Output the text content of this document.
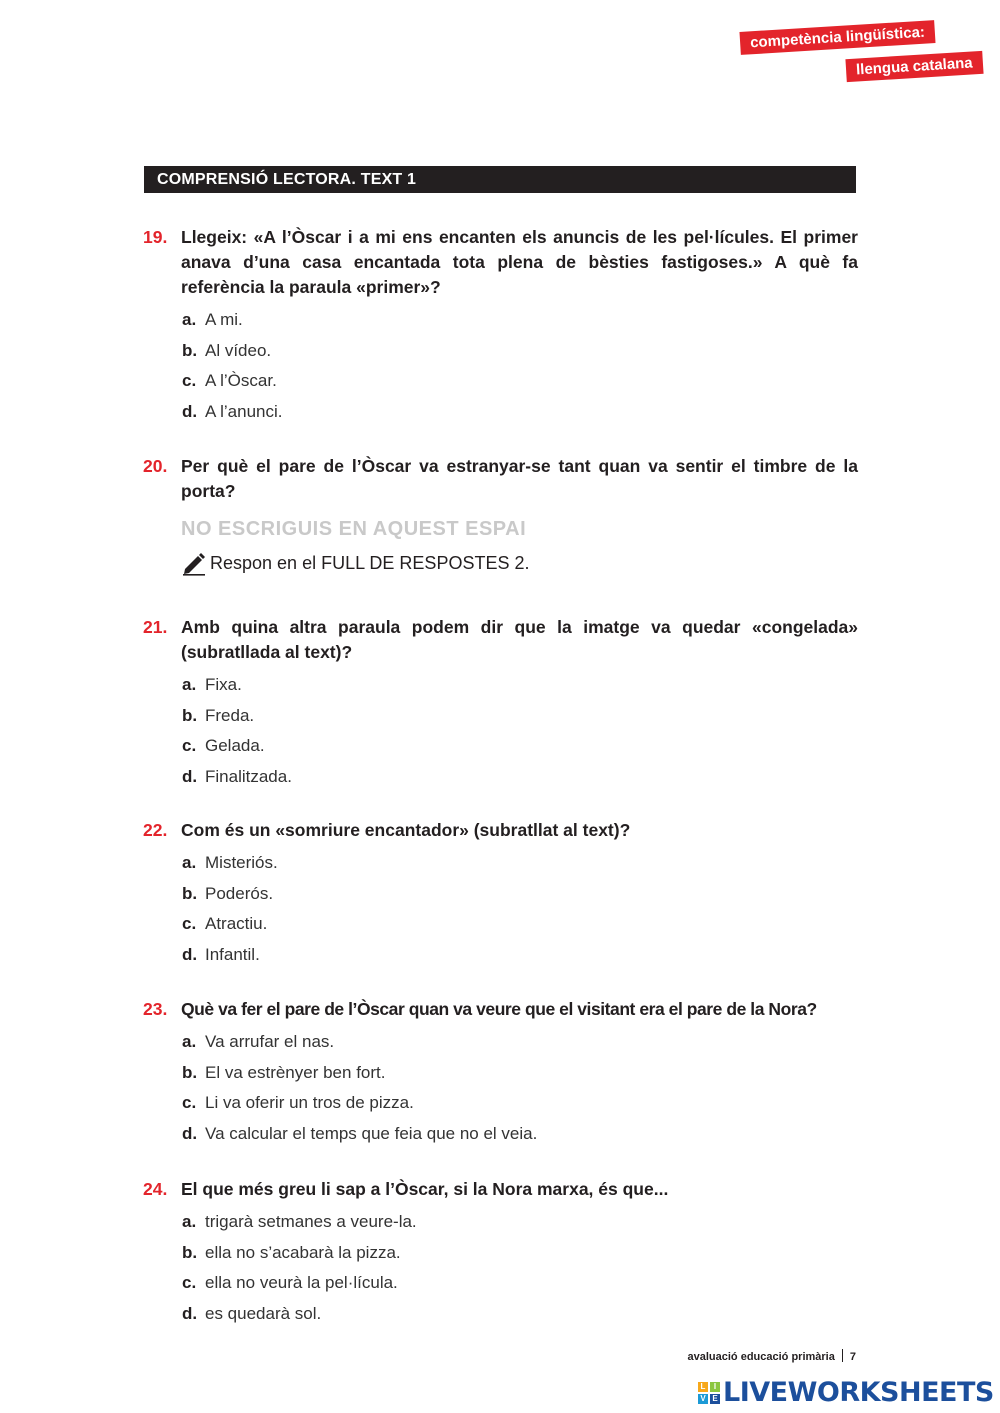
competència lingüística:
llengua catalana
COMPRENSIÓ LECTORA. TEXT 1
19. Llegeix: «A l’Òscar i a mi ens encanten els anuncis de les pel·lícules. El primer anava d’una casa encantada tota plena de bèsties fastigoses.» A què fa referència la paraula «primer»?

a. A mi.
b. Al vídeo.
c. A l’Òscar.
d. A l’anunci.
20. Per què el pare de l’Òscar va estranyar-se tant quan va sentir el timbre de la porta?

NO ESCRIGUIS EN AQUEST ESPAI

Respon en el FULL DE RESPOSTES 2.

21. Amb quina altra paraula podem dir que la imatge va quedar «congelada» (subratllada al text)?

a. Fixa.
b. Freda.
c. Gelada.
d. Finalitzada.
22. Com és un «somriure encantador» (subratllat al text)?

a. Misteriós.
b. Poderós.
c. Atractiu.
d. Infantil.
23. Què va fer el pare de l’Òscar quan va veure que el visitant era el pare de la Nora?

a. Va arrufar el nas.
b. El va estrènyer ben fort.
c. Li va oferir un tros de pizza.
d. Va calcular el temps que feia que no el veia.
24. El que més greu li sap a l’Òscar, si la Nora marxa, és que...

a. trigarà setmanes a veure-la.
b. ella no s’acabarà la pizza.
c. ella no veurà la pel·lícula.
d. es quedarà sol.
avaluació educació primària 7
L	I
V E LIVEWORKSHEETS
